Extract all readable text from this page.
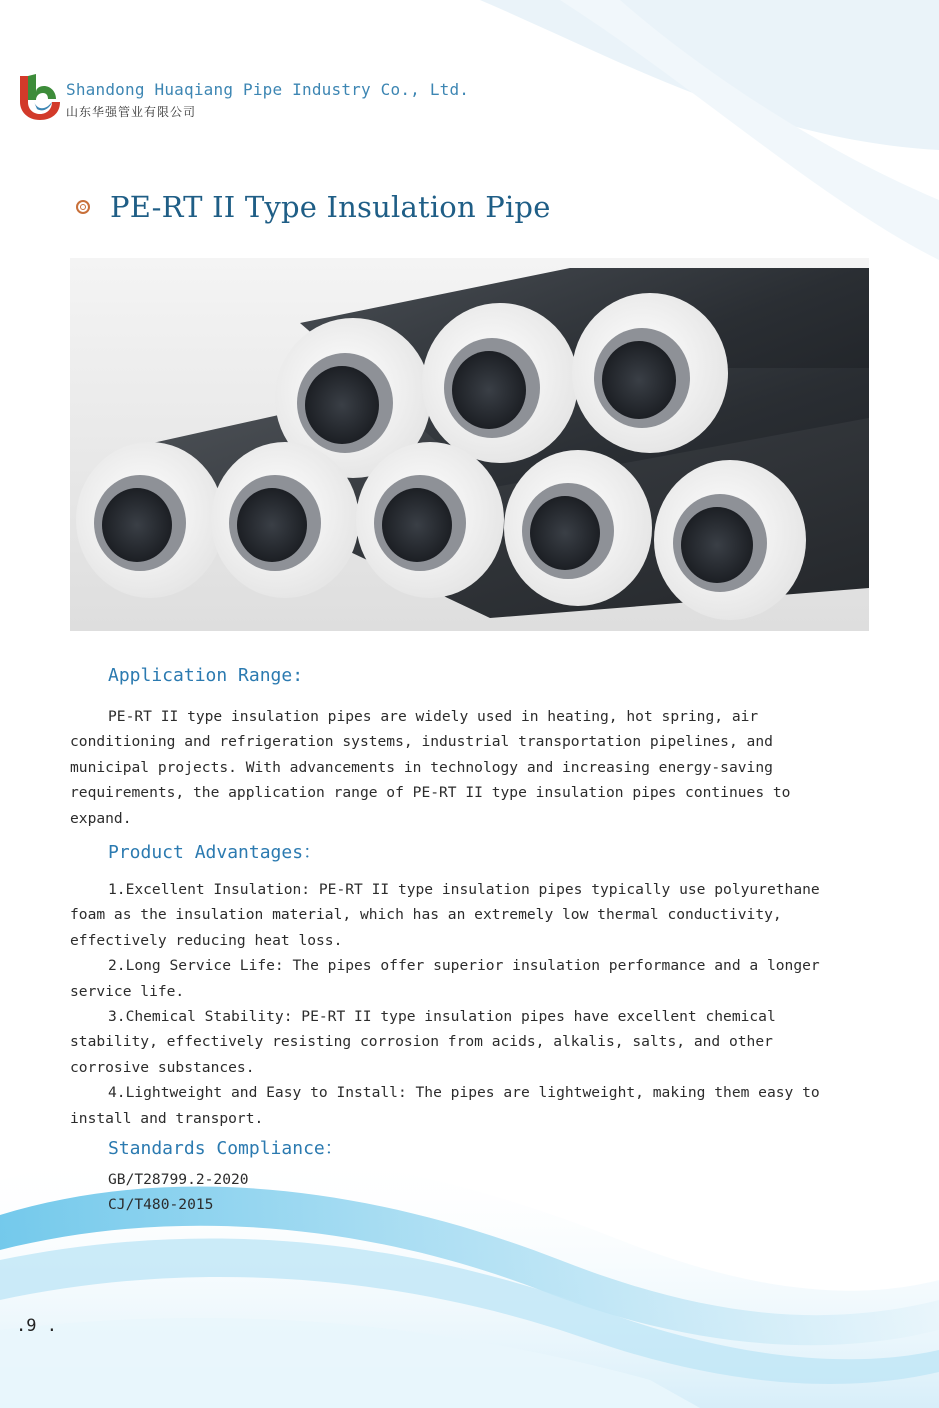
Shandong Huaqiang Pipe Industry Co., Ltd.
山东华强管业有限公司
PE-RT II Type Insulation Pipe
Application Range:
PE-RT II type insulation pipes are widely used in heating, hot spring, air conditioning and refrigeration systems, industrial transportation pipelines, and municipal projects. With advancements in technology and increasing energy-saving requirements, the application range of PE-RT II type insulation pipes continues to expand.
Product Advantages：
1.Excellent Insulation: PE-RT II type insulation pipes typically use polyurethane foam as the insulation material, which has an extremely low thermal conductivity, effectively reducing heat loss.
2.Long Service Life: The pipes offer superior insulation performance and a longer service life.
3.Chemical Stability: PE-RT II type insulation pipes have excellent chemical stability, effectively resisting corrosion from acids, alkalis, salts, and other corrosive substances.
4.Lightweight and Easy to Install: The pipes are lightweight, making them easy to install and transport.
Standards Compliance：
GB/T28799.2-2020
CJ/T480-2015
.9 .
